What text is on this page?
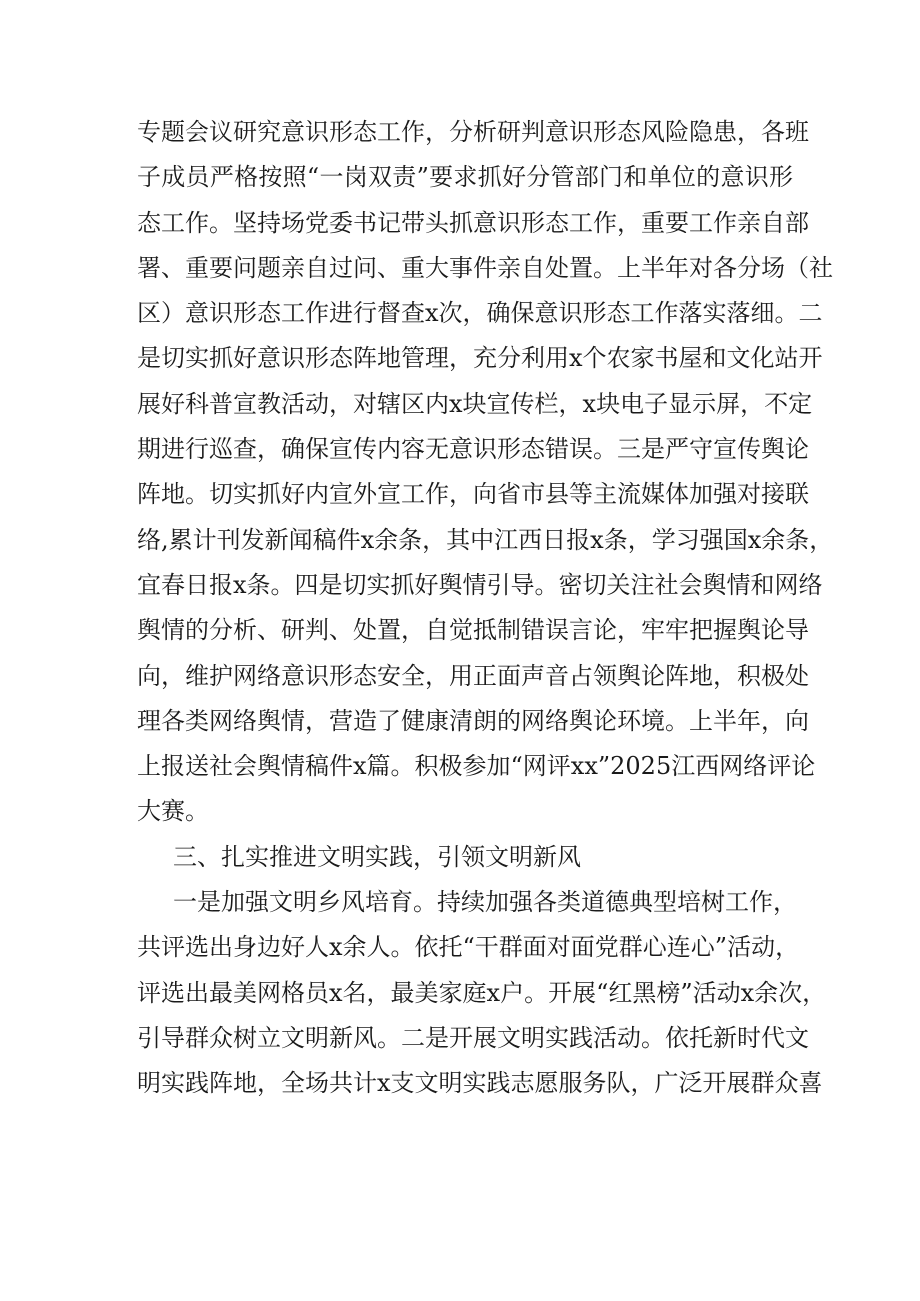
专题会议研究意识形态工作，分析研判意识形态风险隐患，各班
子成员严格按照“一岗双责”要求抓好分管部门和单位的意识形
态工作。坚持场党委书记带头抓意识形态工作，重要工作亲自部
署、重要问题亲自过问、重大事件亲自处置。上半年对各分场（社
区）意识形态工作进行督查x次，确保意识形态工作落实落细。二
是切实抓好意识形态阵地管理，充分利用x个农家书屋和文化站开
展好科普宣教活动，对辖区内x块宣传栏，x块电子显示屏，不定
期进行巡查，确保宣传内容无意识形态错误。三是严守宣传舆论
阵地。切实抓好内宣外宣工作，向省市县等主流媒体加强对接联
络,累计刊发新闻稿件x余条，其中江西日报x条，学习强国x余条，
宜春日报x条。四是切实抓好舆情引导。密切关注社会舆情和网络
舆情的分析、研判、处置，自觉抵制错误言论，牢牢把握舆论导
向，维护网络意识形态安全，用正面声音占领舆论阵地，积极处
理各类网络舆情，营造了健康清朗的网络舆论环境。上半年，向
上报送社会舆情稿件x篇。积极参加“网评xx”2025江西网络评论
大赛。
三、扎实推进文明实践，引领文明新风
一是加强文明乡风培育。持续加强各类道德典型培树工作，
共评选出身边好人x余人。依托“干群面对面党群心连心”活动，
评选出最美网格员x名，最美家庭x户。开展“红黑榜”活动x余次，
引导群众树立文明新风。二是开展文明实践活动。依托新时代文
明实践阵地，全场共计x支文明实践志愿服务队，广泛开展群众喜
